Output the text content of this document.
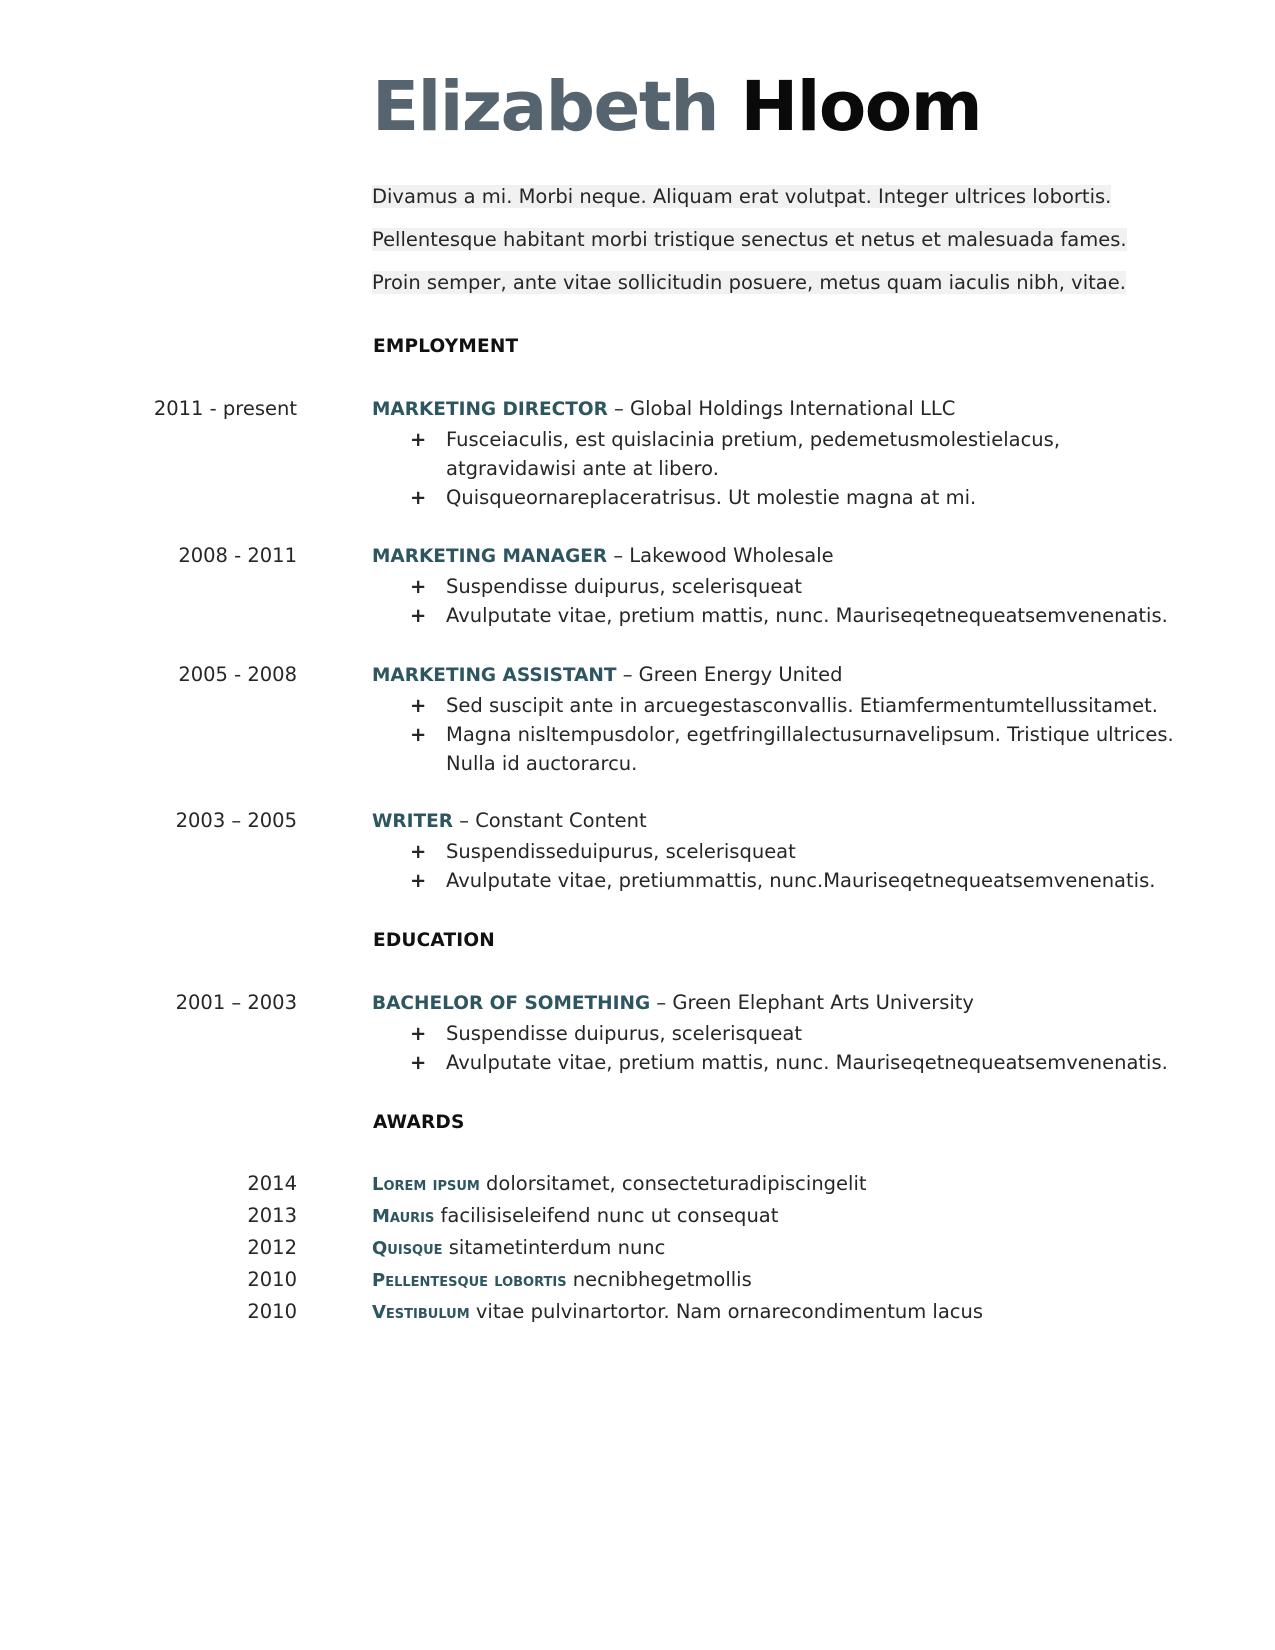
Elizabeth Hloom

Divamus a mi. Morbi neque. Aliquam erat volutpat. Integer ultrices lobortis.

Pellentesque habitant morbi tristique senectus et netus et malesuada fames.

Proin semper, ante vitae sollicitudin posuere, metus quam iaculis nibh, vitae.

EMPLOYMENT
2011 - present	MARKETING DIRECTOR – Global Holdings International LLC
+ Fusceiaculis, est quislacinia pretium, pedemetusmolestielacus, atgravidawisi ante at libero.
+ Quisqueornareplaceratrisus. Ut molestie magna at mi.
2008 - 2011	MARKETING MANAGER – Lakewood Wholesale
+ Suspendisse duipurus, scelerisqueat
+ Avulputate vitae, pretium mattis, nunc. Mauriseqetnequeatsemvenenatis.
2005 - 2008	MARKETING ASSISTANT – Green Energy United
+ Sed suscipit ante in arcuegestasconvallis. Etiamfermentumtellussitamet.
+ Magna nisltempusdolor, egetfringillalectusurnavelipsum. Tristique ultrices. Nulla id auctorarcu.
2003 – 2005	WRITER – Constant Content
+ Suspendisseduipurus, scelerisqueat
+ Avulputate vitae, pretiummattis, nunc.Mauriseqetnequeatsemvenenatis.
EDUCATION
2001 – 2003	BACHELOR OF SOMETHING – Green Elephant Arts University
+ Suspendisse duipurus, scelerisqueat
+ Avulputate vitae, pretium mattis, nunc. Mauriseqetnequeatsemvenenatis.
AWARDS
2014	Lorem ipsum dolorsitamet, consecteturadipiscingelit
2013	Mauris facilisiseleifend nunc ut consequat
2012	Quisque sitametinterdum nunc
2010	Pellentesque lobortis necnibhegetmollis
2010	Vestibulum vitae pulvinartortor. Nam ornarecondimentum lacus
